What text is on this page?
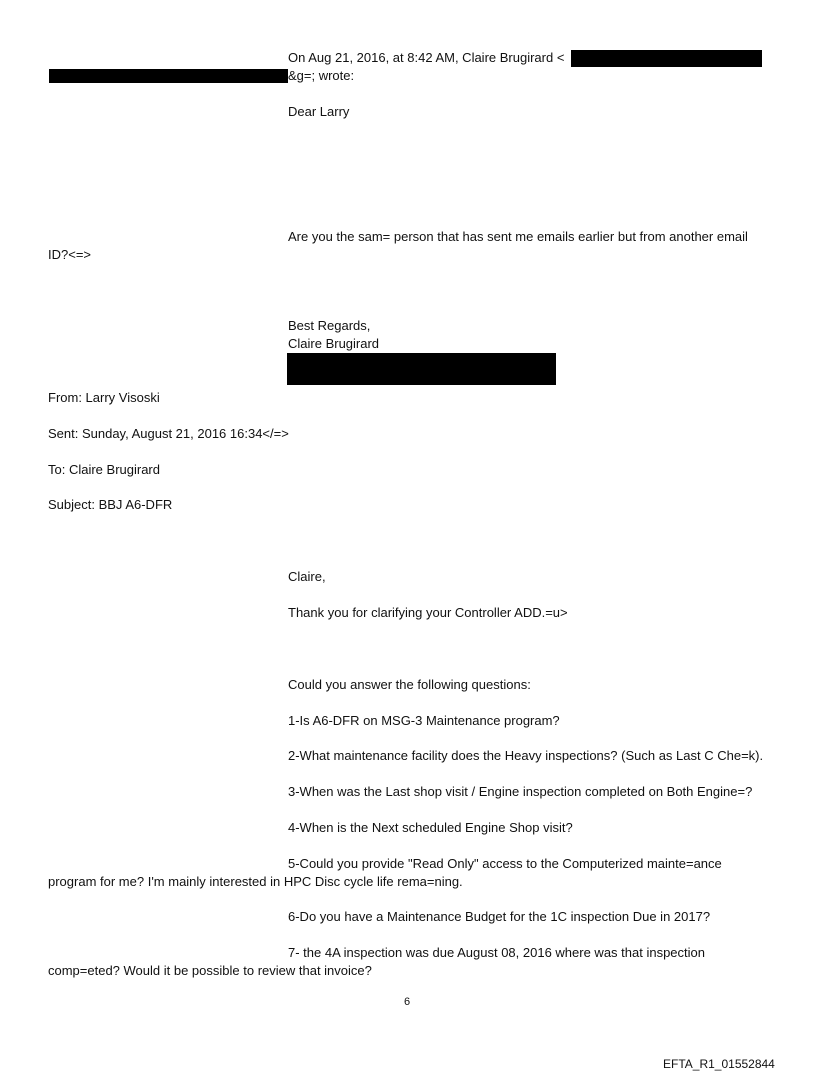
On Aug 21, 2016, at 8:42 AM, Claire Brugirard <
&g=; wrote:
Dear Larry
Are you the sam= person that has sent me emails earlier but from another email
ID?<=>
Best Regards,
Claire Brugirard
From: Larry Visoski
Sent: Sunday, August 21, 2016 16:34</=>
To: Claire Brugirard
Subject: BBJ A6-DFR
Claire,
Thank you for clarifying your Controller ADD.=u>
Could you answer the following questions:
1-Is A6-DFR on MSG-3 Maintenance program?
2-What maintenance facility does the Heavy inspections? (Such as Last C Che=k).
3-When was the Last shop visit / Engine inspection completed on Both Engine=?
4-When is the Next scheduled Engine Shop visit?
5-Could you provide "Read Only" access to the Computerized mainte=ance
program for me? I'm mainly interested in HPC Disc cycle life rema=ning.
6-Do you have a Maintenance Budget for the 1C inspection Due in 2017?
7- the 4A inspection was due August 08, 2016 where was that inspection
comp=eted? Would it be possible to review that invoice?
6
EFTA_R1_01552844
